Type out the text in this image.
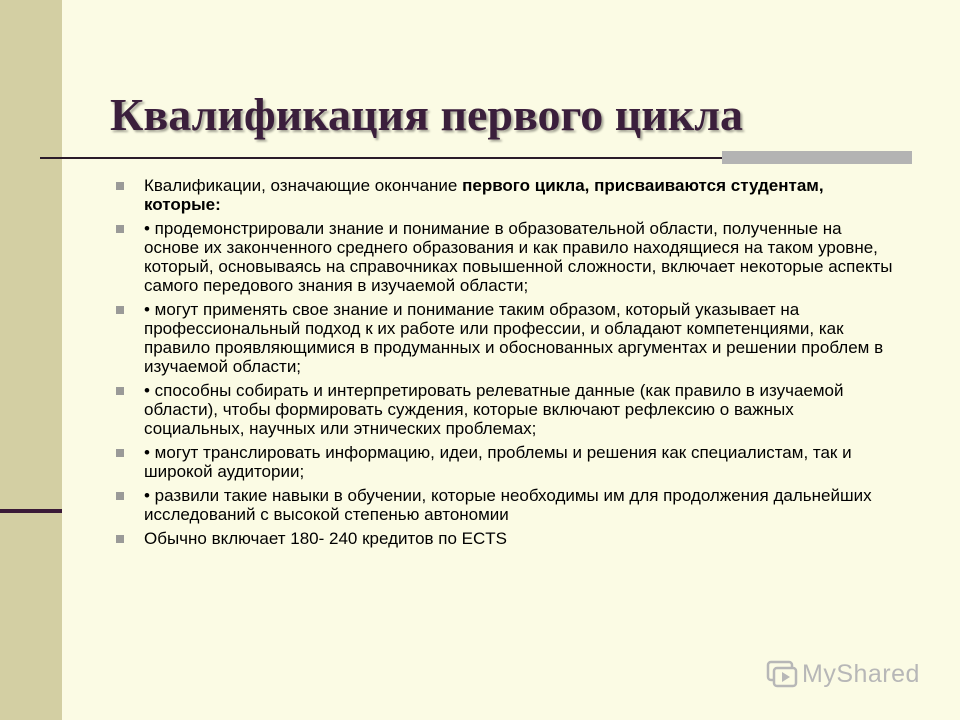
Квалификация первого цикла
Квалификации, означающие окончание первого цикла, присваиваются студентам, которые:
• продемонстрировали знание и понимание в образовательной области, полученные на основе их законченного среднего образования и как правило находящиеся на таком уровне, который, основываясь на справочниках повышенной сложности, включает некоторые аспекты самого передового знания в изучаемой области;
• могут применять свое знание и понимание таким образом, который указывает на профессиональный подход к их работе или профессии, и обладают компетенциями, как правило проявляющимися в продуманных и обоснованных аргументах и решении проблем в изучаемой области;
• способны собирать и интерпретировать релеватные данные (как правило в изучаемой области), чтобы формировать суждения, которые включают рефлексию о важных социальных, научных или этнических проблемах;
• могут транслировать информацию, идеи, проблемы и решения как специалистам, так и широкой аудитории;
• развили такие навыки в обучении, которые необходимы им для продолжения дальнейших исследований с высокой степенью автономии
Обычно включает 180- 240 кредитов по ECTS
MyShared
